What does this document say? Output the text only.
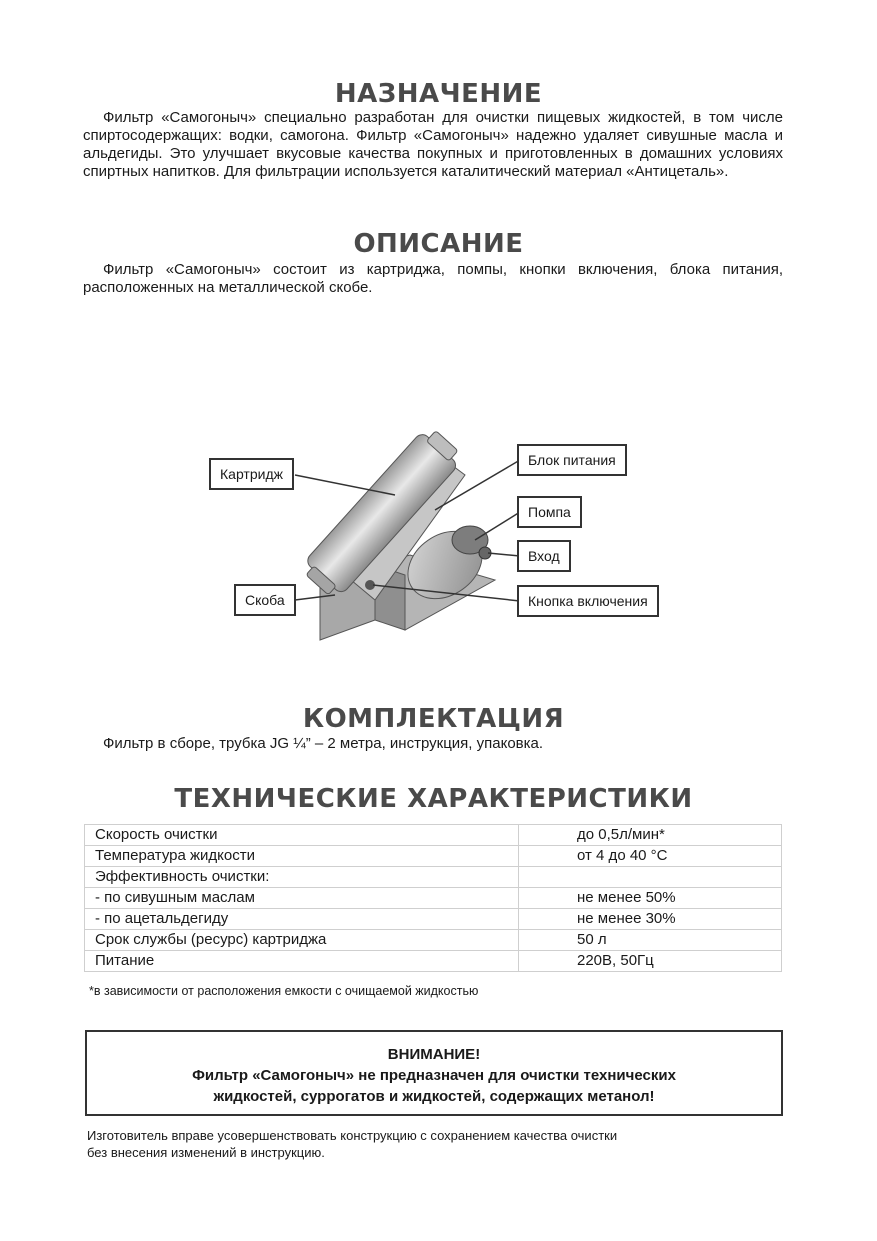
НАЗНАЧЕНИЕ

Фильтр «Самогоныч» специально разработан для очистки пищевых жидкостей, в том числе спиртосодержащих: водки, самогона. Фильтр «Самогоныч» надежно удаляет сивушные масла и альдегиды. Это улучшает вкусовые качества покупных и приготовленных в домашних условиях спиртных напитков. Для фильтрации используется каталитический материал «Антицеталь».

ОПИСАНИЕ

Фильтр «Самогоныч» состоит из картриджа, помпы, кнопки включения, блока питания, расположенных на металлической скобе.

Картридж
Блок питания
Помпа
Вход
Скоба	Кнопка включения
КОМПЛЕКТАЦИЯ

Фильтр в сборе, трубка JG ¼” – 2 метра, инструкция, упаковка.

ТЕХНИЧЕСКИЕ ХАРАКТЕРИСТИКИ
Скорость очистки	до 0,5л/мин*
Температура жидкости	от 4 до 40 °С
Эффективность очистки:	
- по сивушным маслам	не менее 50%
- по ацетальдегиду	не менее 30%
Срок службы (ресурс) картриджа	50 л
Питание	220В, 50Гц
*в зависимости от расположения емкости с очищаемой жидкостью
ВНИМАНИЕ!
Фильтр «Самогоныч» не предназначен для очистки технических
жидкостей, суррогатов и жидкостей, содержащих метанол!
Изготовитель вправе усовершенствовать конструкцию с сохранением качества очистки
без внесения изменений в инструкцию.
